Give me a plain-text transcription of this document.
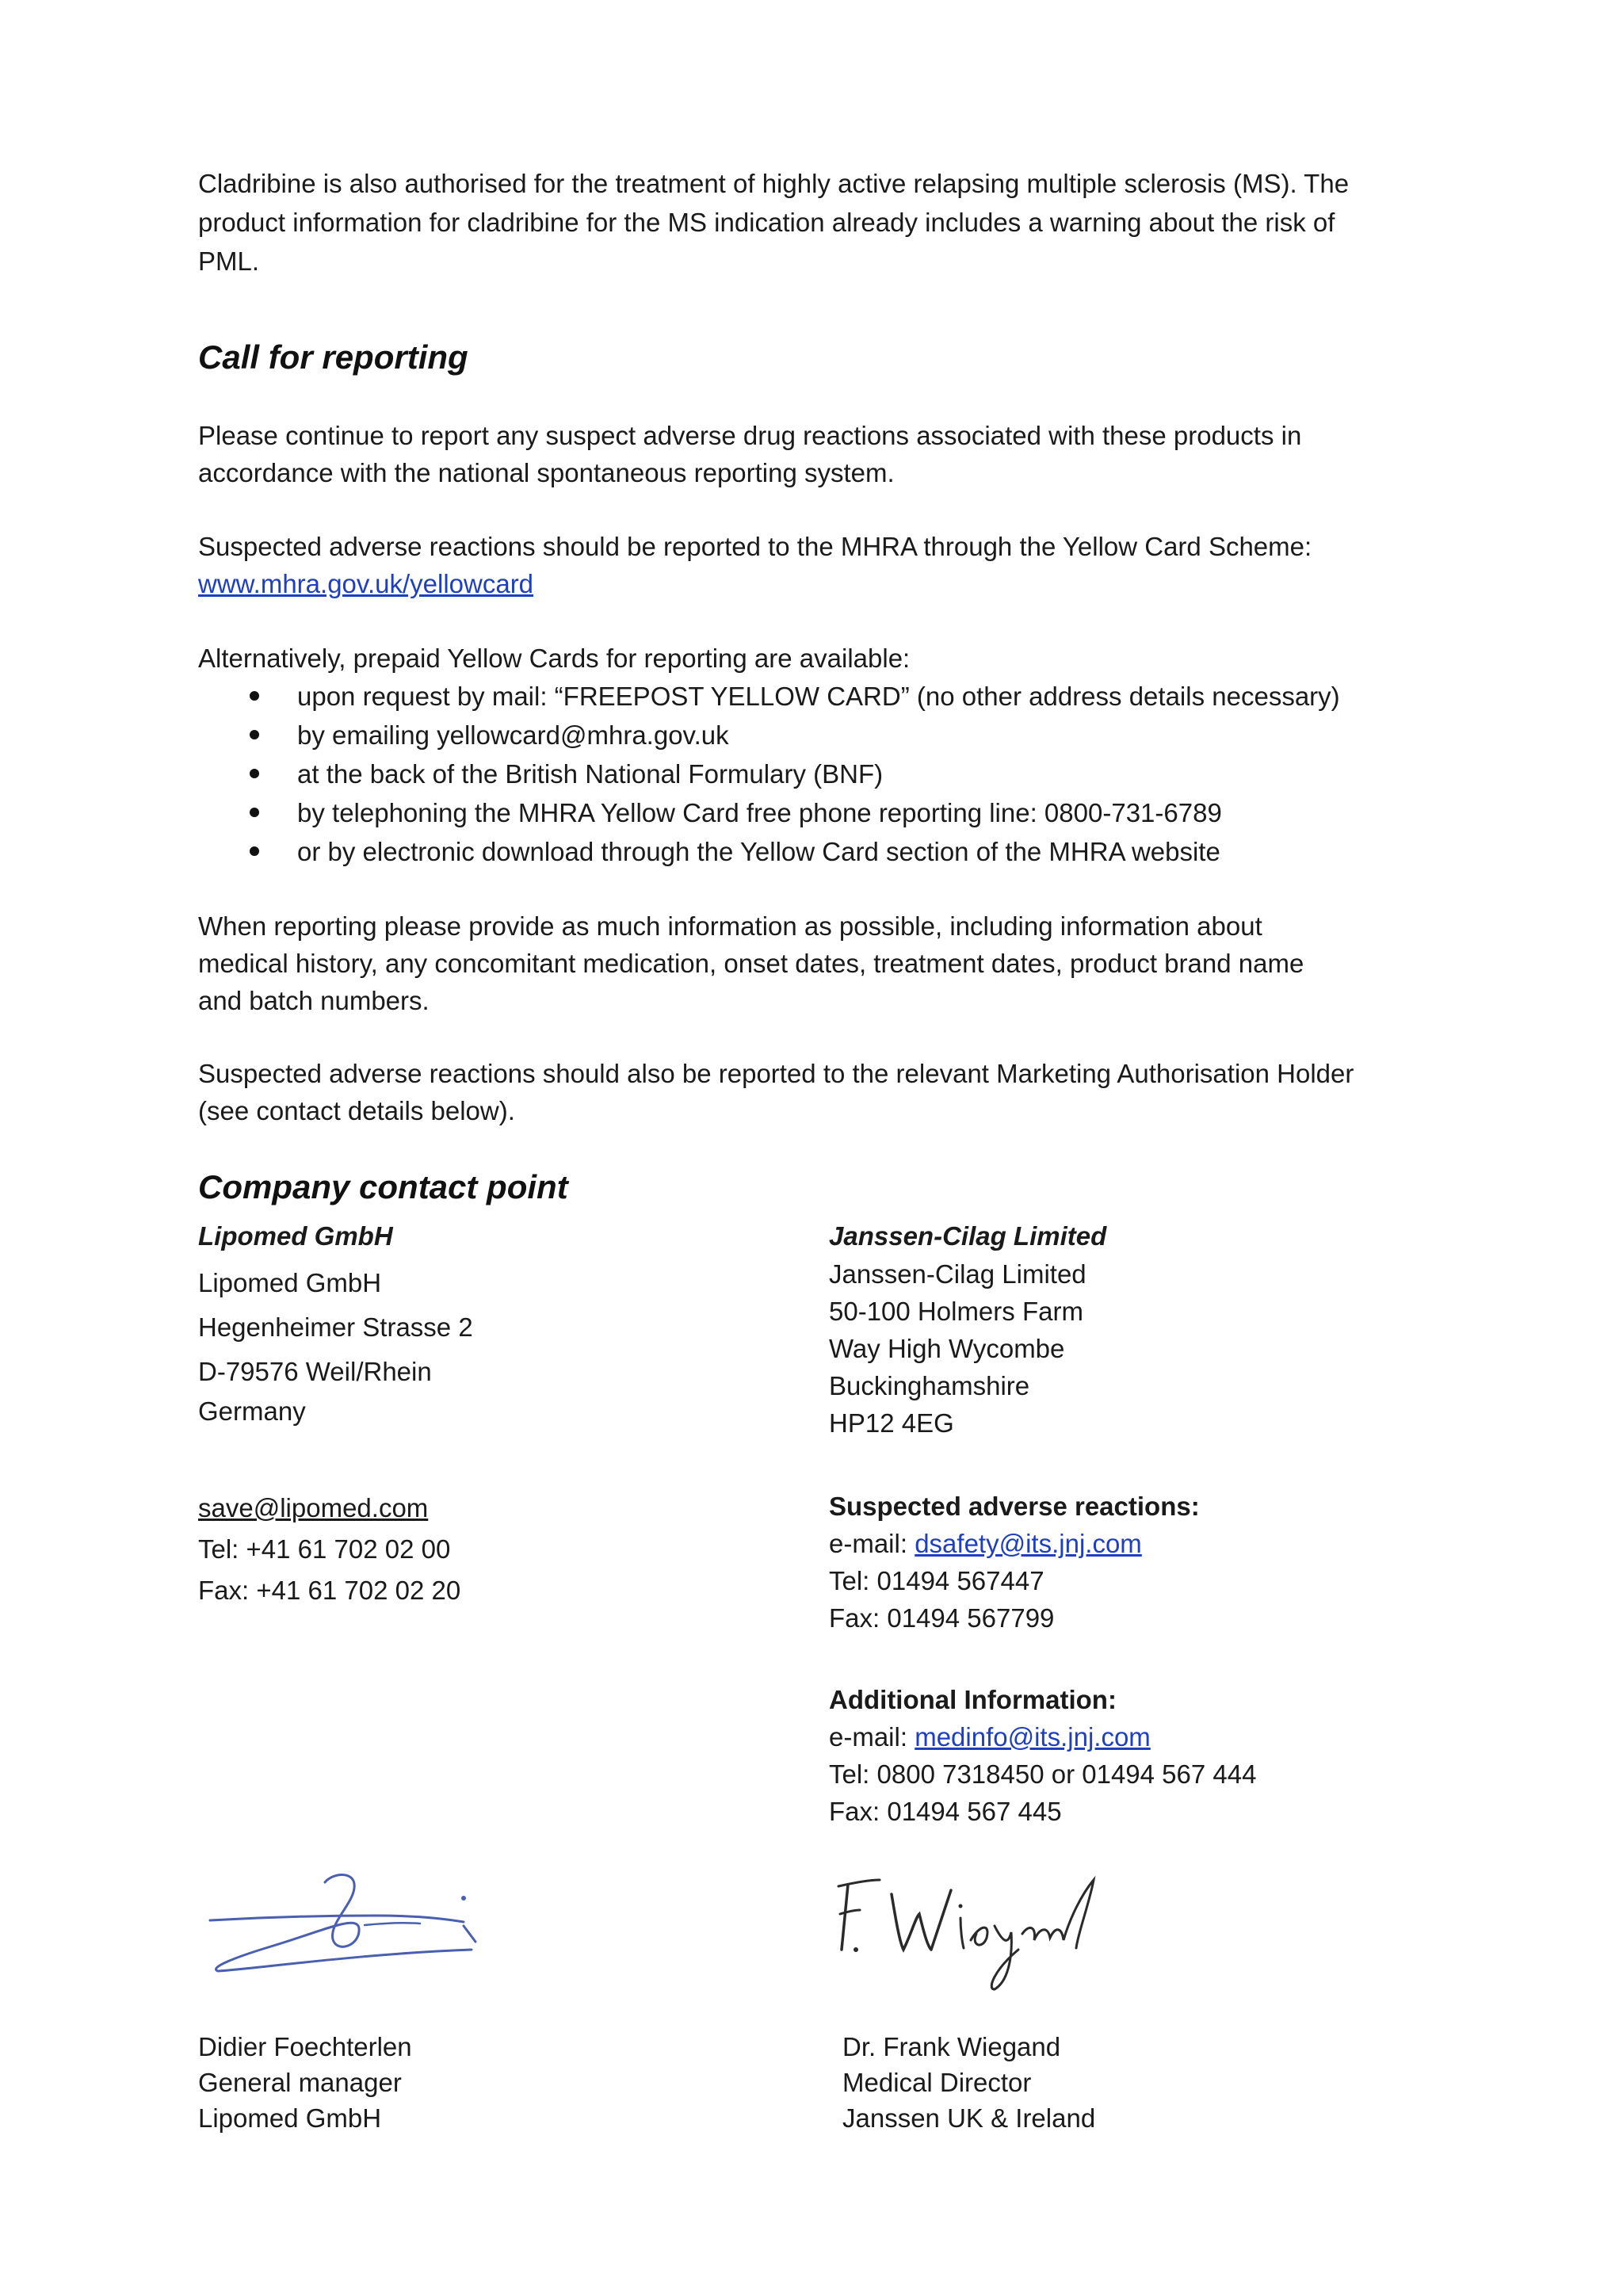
Cladribine is also authorised for the treatment of highly active relapsing multiple sclerosis (MS). The
product information for cladribine for the MS indication already includes a warning about the risk of
PML.
Call for reporting
Please continue to report any suspect adverse drug reactions associated with these products in
accordance with the national spontaneous reporting system.
Suspected adverse reactions should be reported to the MHRA through the Yellow Card Scheme:
www.mhra.gov.uk/yellowcard
Alternatively, prepaid Yellow Cards for reporting are available:
upon request by mail: “FREEPOST YELLOW CARD” (no other address details necessary)
by emailing yellowcard@mhra.gov.uk
at the back of the British National Formulary (BNF)
by telephoning the MHRA Yellow Card free phone reporting line: 0800-731-6789
or by electronic download through the Yellow Card section of the MHRA website
When reporting please provide as much information as possible, including information about
medical history, any concomitant medication, onset dates, treatment dates, product brand name
and batch numbers.
Suspected adverse reactions should also be reported to the relevant Marketing Authorisation Holder
(see contact details below).
Company contact point
Lipomed GmbH
Lipomed GmbH
Hegenheimer Strasse 2
D‑79576 Weil/Rhein
Germany
save@lipomed.com
Tel: +41 61 702 02 00
Fax: +41 61 702 02 20
Janssen-Cilag Limited
Janssen-Cilag Limited
50-100 Holmers Farm
Way High Wycombe
Buckinghamshire
HP12 4EG
Suspected adverse reactions:
e-mail: dsafety@its.jnj.com
Tel: 01494 567447
Fax: 01494 567799
Additional Information:
e-mail: medinfo@its.jnj.com
Tel: 0800 7318450 or 01494 567 444
Fax: 01494 567 445
Didier Foechterlen
General manager
Lipomed GmbH
Dr. Frank Wiegand
Medical Director
Janssen UK & Ireland
